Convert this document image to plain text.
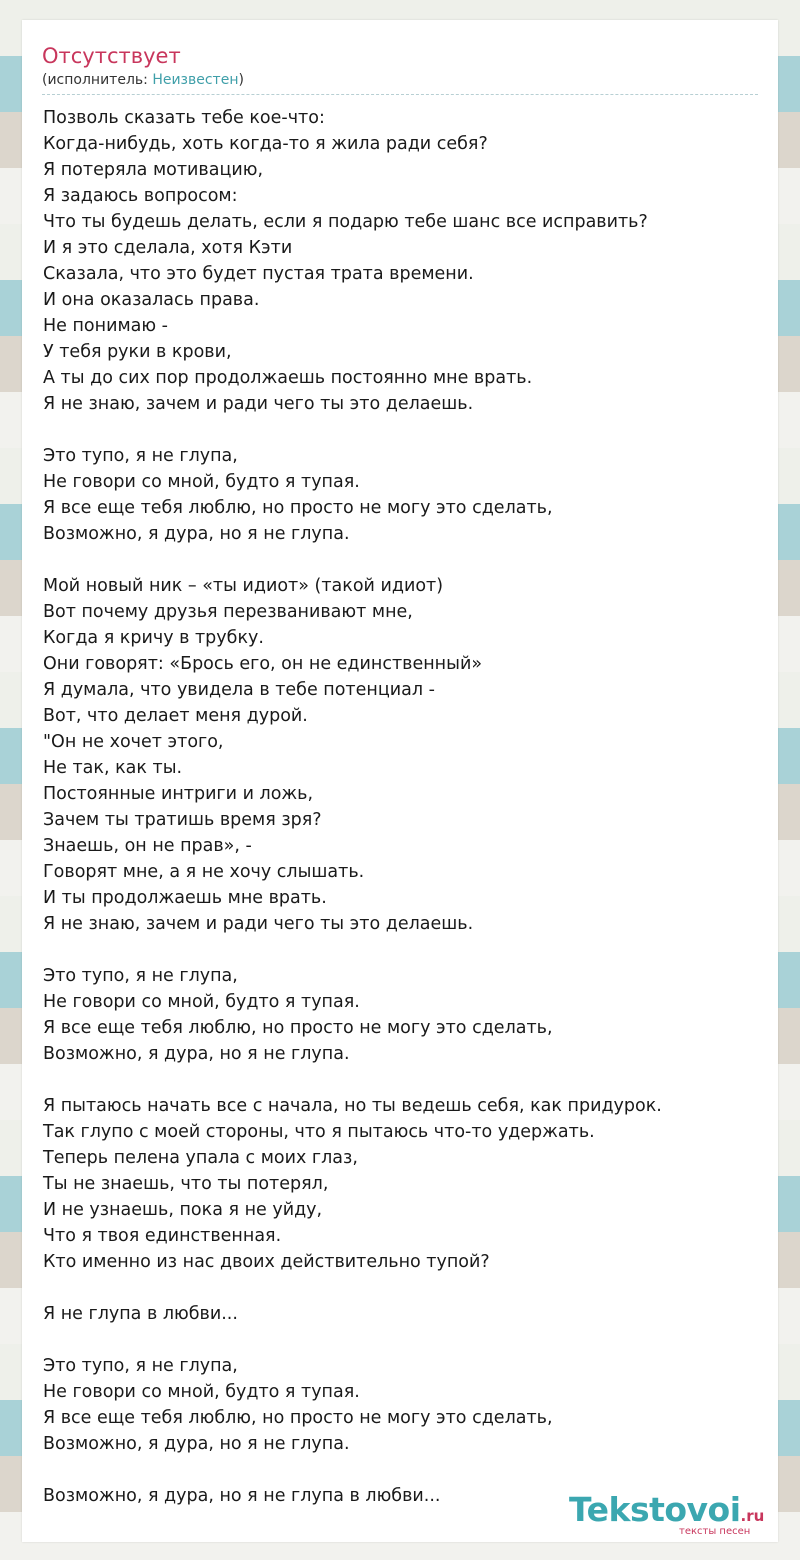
Отсутствует
(исполнитель: Неизвестен)
Позволь сказать тебе кое-что:
Когда-нибудь, хоть когда-то я жила ради себя?
Я потеряла мотивацию,
Я задаюсь вопросом:
Что ты будешь делать, если я подарю тебе шанс все исправить?
И я это сделала, хотя Кэти
Сказала, что это будет пустая трата времени.
И она оказалась права.
Не понимаю -
У тебя руки в крови,
А ты до сих пор продолжаешь постоянно мне врать.
Я не знаю, зачем и ради чего ты это делаешь.
Это тупо, я не глупа,
Не говори со мной, будто я тупая.
Я все еще тебя люблю, но просто не могу это сделать,
Возможно, я дура, но я не глупа.
Мой новый ник – «ты идиот» (такой идиот)
Вот почему друзья перезванивают мне,
Когда я кричу в трубку.
Они говорят: «Брось его, он не единственный»
Я думала, что увидела в тебе потенциал -
Вот, что делает меня дурой.
"Он не хочет этого,
Не так, как ты.
Постоянные интриги и ложь,
Зачем ты тратишь время зря?
Знаешь, он не прав», -
Говорят мне, а я не хочу слышать.
И ты продолжаешь мне врать.
Я не знаю, зачем и ради чего ты это делаешь.
Это тупо, я не глупа,
Не говори со мной, будто я тупая.
Я все еще тебя люблю, но просто не могу это сделать,
Возможно, я дура, но я не глупа.
Я пытаюсь начать все с начала, но ты ведешь себя, как придурок.
Так глупо с моей стороны, что я пытаюсь что-то удержать.
Теперь пелена упала с моих глаз,
Ты не знаешь, что ты потерял,
И не узнаешь, пока я не уйду,
Что я твоя единственная.
Кто именно из нас двоих действительно тупой?
Я не глупа в любви...
Это тупо, я не глупа,
Не говори со мной, будто я тупая.
Я все еще тебя люблю, но просто не могу это сделать,
Возможно, я дура, но я не глупа.
Возможно, я дура, но я не глупа в любви...	Tekstovoi.ru
тексты песен
